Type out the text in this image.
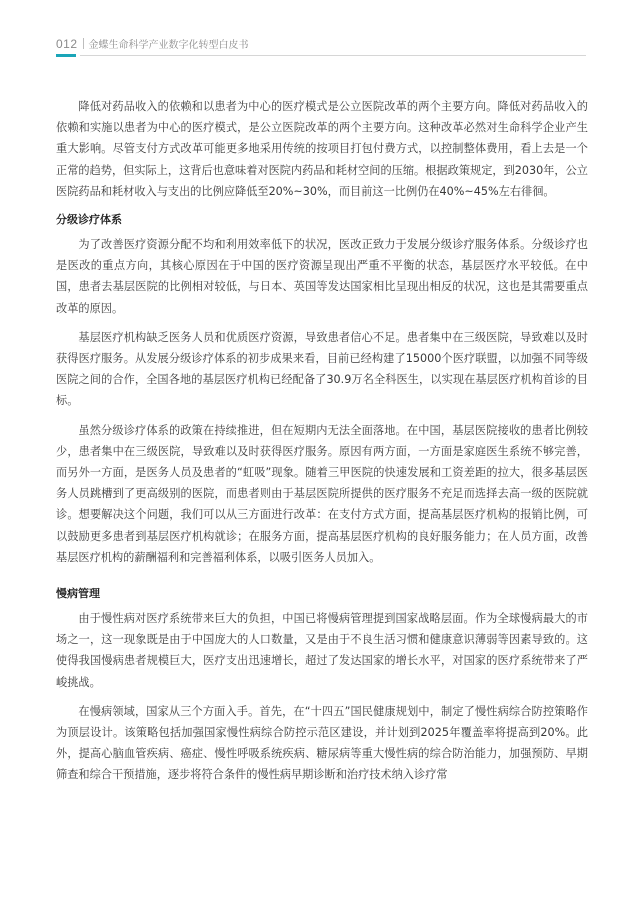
012 金蝶生命科学产业数字化转型白皮书

降低对药品收入的依赖和以患者为中心的医疗模式是公立医院改革的两个主要方向。降低对药品收入的依赖和实施以患者为中心的医疗模式，是公立医院改革的两个主要方向。这种改革必然对生命科学企业产生重大影响。尽管支付方式改革可能更多地采用传统的按项目打包付费方式，以控制整体费用，看上去是一个正常的趋势，但实际上，这背后也意味着对医院内药品和耗材空间的压缩。根据政策规定，到2030年，公立医院药品和耗材收入与支出的比例应降低至20%~30%，而目前这一比例仍在40%~45%左右徘徊。

分级诊疗体系

为了改善医疗资源分配不均和利用效率低下的状况，医改正致力于发展分级诊疗服务体系。分级诊疗也是医改的重点方向，其核心原因在于中国的医疗资源呈现出严重不平衡的状态，基层医疗水平较低。在中国，患者去基层医院的比例相对较低，与日本、英国等发达国家相比呈现出相反的状况，这也是其需要重点改革的原因。

基层医疗机构缺乏医务人员和优质医疗资源，导致患者信心不足。患者集中在三级医院，导致难以及时获得医疗服务。从发展分级诊疗体系的初步成果来看，目前已经构建了15000个医疗联盟，以加强不同等级医院之间的合作，全国各地的基层医疗机构已经配备了30.9万名全科医生，以实现在基层医疗机构首诊的目标。

虽然分级诊疗体系的政策在持续推进，但在短期内无法全面落地。在中国，基层医院接收的患者比例较少，患者集中在三级医院，导致难以及时获得医疗服务。原因有两方面，一方面是家庭医生系统不够完善，而另外一方面，是医务人员及患者的“虹吸”现象。随着三甲医院的快速发展和工资差距的拉大，很多基层医务人员跳槽到了更高级别的医院，而患者则由于基层医院所提供的医疗服务不充足而选择去高一级的医院就诊。想要解决这个问题，我们可以从三方面进行改革：在支付方式方面，提高基层医疗机构的报销比例，可以鼓励更多患者到基层医疗机构就诊；在服务方面，提高基层医疗机构的良好服务能力；在人员方面，改善基层医疗机构的薪酬福利和完善福利体系，以吸引医务人员加入。

慢病管理

由于慢性病对医疗系统带来巨大的负担，中国已将慢病管理提到国家战略层面。作为全球慢病最大的市场之一，这一现象既是由于中国庞大的人口数量，又是由于不良生活习惯和健康意识薄弱等因素导致的。这使得我国慢病患者规模巨大，医疗支出迅速增长，超过了发达国家的增长水平，对国家的医疗系统带来了严峻挑战。

在慢病领域，国家从三个方面入手。首先，在“十四五”国民健康规划中，制定了慢性病综合防控策略作为顶层设计。该策略包括加强国家慢性病综合防控示范区建设，并计划到2025年覆盖率将提高到20%。此外，提高心脑血管疾病、癌症、慢性呼吸系统疾病、糖尿病等重大慢性病的综合防治能力，加强预防、早期筛查和综合干预措施，逐步将符合条件的慢性病早期诊断和治疗技术纳入诊疗常
